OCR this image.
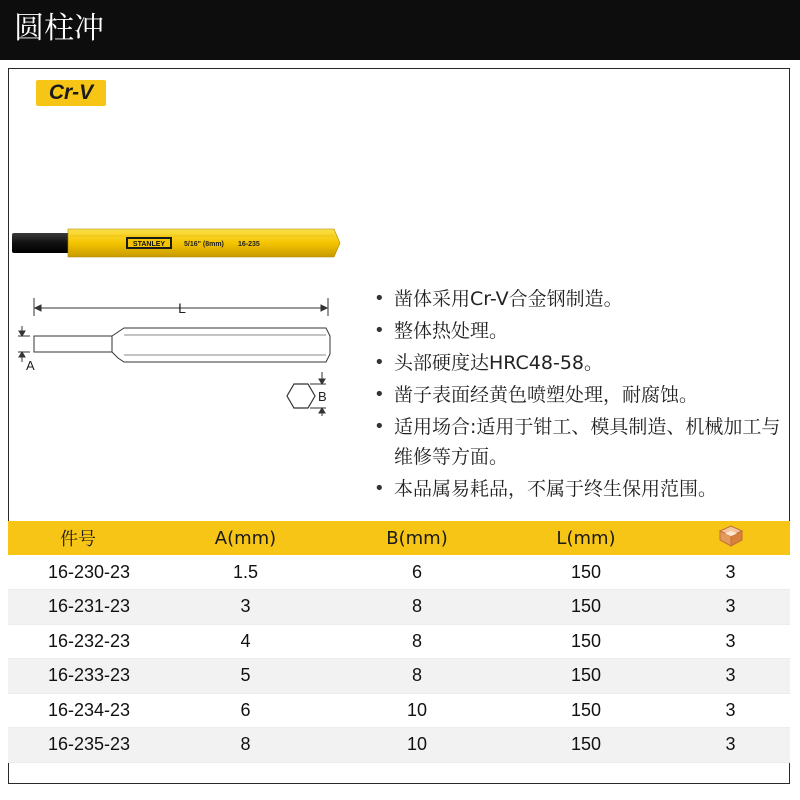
圆柱冲
Cr-V
STANLEY	5/16" (8mm) 16-235
L
A
B
• 凿体采用Cr-V合金钢制造。
• 整体热处理。
• 头部硬度达HRC48-58。
• 凿子表面经黄色喷塑处理，耐腐蚀。
• 适用场合:适用于钳工、模具制造、机械加工与维修等方面。
• 本品属易耗品，不属于终生保用范围。
件号	A(mm)	B(mm)	L(mm)	
16-230-23	1.5	6	150	3
16-231-23	3	8	150	3
16-232-23	4	8	150	3
16-233-23	5	8	150	3
16-234-23	6	10	150	3
16-235-23	8	10	150	3
